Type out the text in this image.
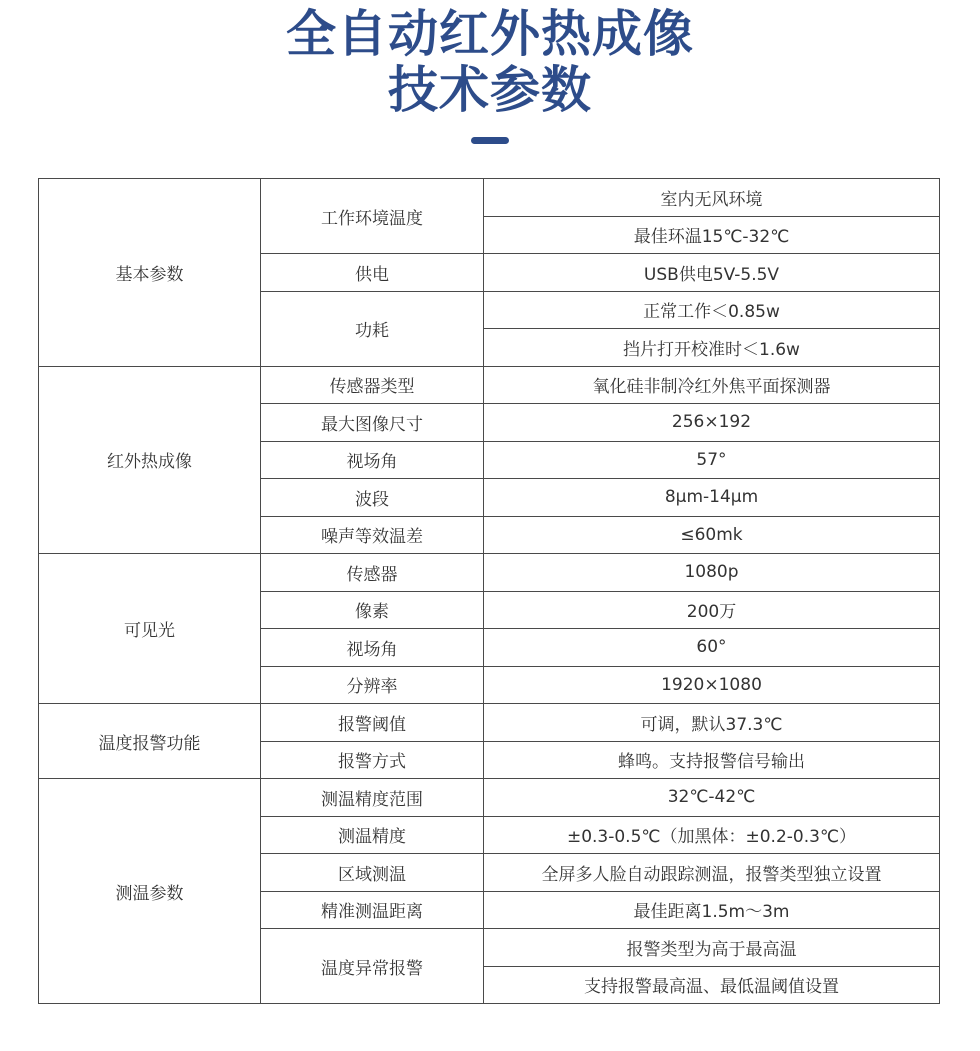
全自动红外热成像
技术参数
基本参数	工作环境温度	室内无风环境
		最佳环温15℃-32℃
	供电	USB供电5V-5.5V
	功耗	正常工作＜0.85w
		挡片打开校准时＜1.6w
红外热成像	传感器类型	氧化硅非制冷红外焦平面探测器
	最大图像尺寸	256×192
	视场角	57°
	波段	8μm-14μm
	噪声等效温差	≤60mk
可见光	传感器	1080p
	像素	200万
	视场角	60°
	分辨率	1920×1080
温度报警功能	报警阈值	可调，默认37.3℃
	报警方式	蜂鸣。支持报警信号输出
测温参数	测温精度范围	32℃-42℃
	测温精度	±0.3-0.5℃（加黑体：±0.2-0.3℃）
	区域测温	全屏多人脸自动跟踪测温，报警类型独立设置
	精准测温距离	最佳距离1.5m～3m
	温度异常报警	报警类型为高于最高温
		支持报警最高温、最低温阈值设置
